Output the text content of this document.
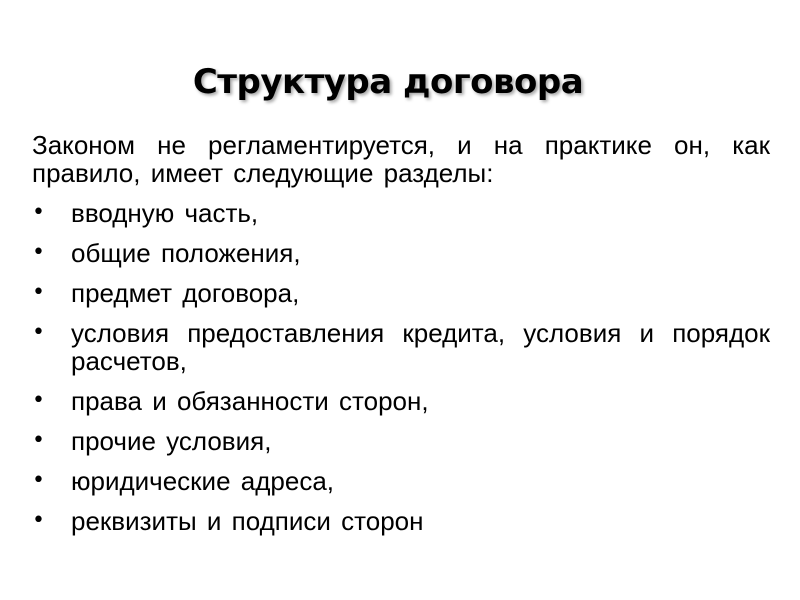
Структура договора

Законом не регламентируется, и на практике он, как правило, имеет следующие разделы:

• вводную часть,
• общие положения,
• предмет договора,
• условия предоставления кредита, условия и порядок расчетов,
• права и обязанности сторон,
• прочие условия,
• юридические адреса,
• реквизиты и подписи сторон
